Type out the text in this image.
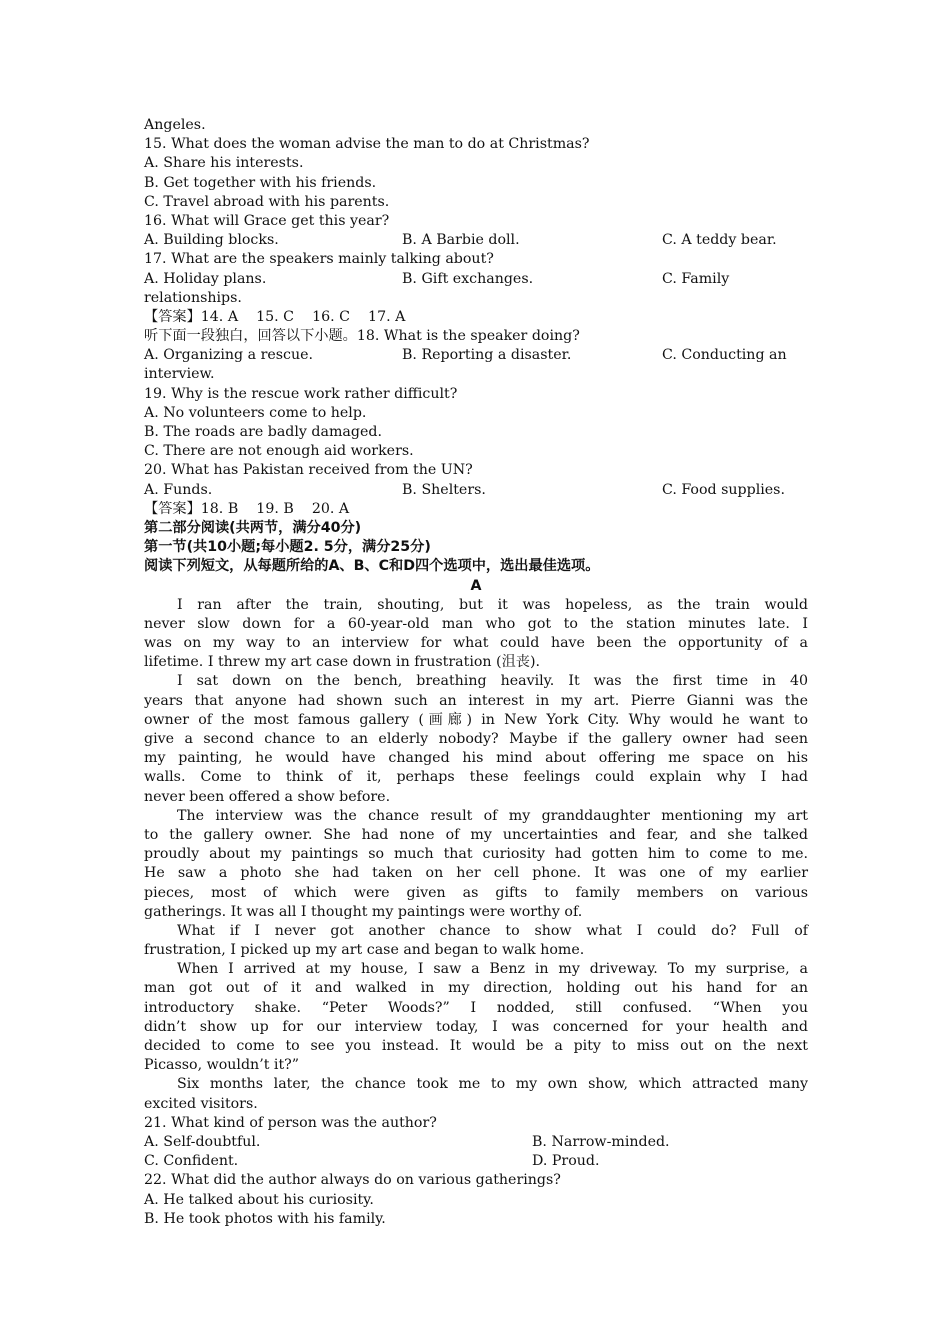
Angeles.
15. What does the woman advise the man to do at Christmas?
A. Share his interests.
B. Get together with his friends.
C. Travel abroad with his parents.
16. What will Grace get this year?
A. Building blocks.	B. A Barbie doll.	C. A teddy bear.
17. What are the speakers mainly talking about?
A. Holiday plans.	B. Gift exchanges.	C. Family
relationships.
【答案】14. A    15. C    16. C    17. A
听下面一段独白，回答以下小题。18. What is the speaker doing?
A. Organizing a rescue.	B. Reporting a disaster.	C. Conducting an
interview.
19. Why is the rescue work rather difficult?
A. No volunteers come to help.
B. The roads are badly damaged.
C. There are not enough aid workers.
20. What has Pakistan received from the UN?
A. Funds.	B. Shelters.	C. Food supplies.
【答案】18. B    19. B    20. A
第二部分阅读(共两节，满分40分)
第一节(共10小题;每小题2. 5分，满分25分)
阅读下列短文，从每题所给的A、B、C和D四个选项中，选出最佳选项。
A
I ran after the train, shouting, but it was hopeless, as the train would
never slow down for a 60-year-old man who got to the station minutes late. I
was on my way to an interview for what could have been the opportunity of a
lifetime. I threw my art case down in frustration (沮丧).
I sat down on the bench, breathing heavily. It was the first time in 40
years that anyone had shown such an interest in my art. Pierre Gianni was the
owner of the most famous gallery (画廊) in New York City. Why would he want to
give a second chance to an elderly nobody? Maybe if the gallery owner had seen
my painting, he would have changed his mind about offering me space on his
walls. Come to think of it, perhaps these feelings could explain why I had
never been offered a show before.
The interview was the chance result of my granddaughter mentioning my art
to the gallery owner. She had none of my uncertainties and fear, and she talked
proudly about my paintings so much that curiosity had gotten him to come to me.
He saw a photo she had taken on her cell phone. It was one of my earlier
pieces, most of which were given as gifts to family members on various
gatherings. It was all I thought my paintings were worthy of.
What if I never got another chance to show what I could do? Full of
frustration, I picked up my art case and began to walk home.
When I arrived at my house, I saw a Benz in my driveway. To my surprise, a
man got out of it and walked in my direction, holding out his hand for an
introductory shake. “Peter Woods?” I nodded, still confused. “When you
didn’t show up for our interview today, I was concerned for your health and
decided to come to see you instead. It would be a pity to miss out on the next
Picasso, wouldn’t it?”
Six months later, the chance took me to my own show, which attracted many
excited visitors.
21. What kind of person was the author?
A. Self-doubtful.	B. Narrow-minded.
C. Confident.	D. Proud.
22. What did the author always do on various gatherings?
A. He talked about his curiosity.
B. He took photos with his family.
